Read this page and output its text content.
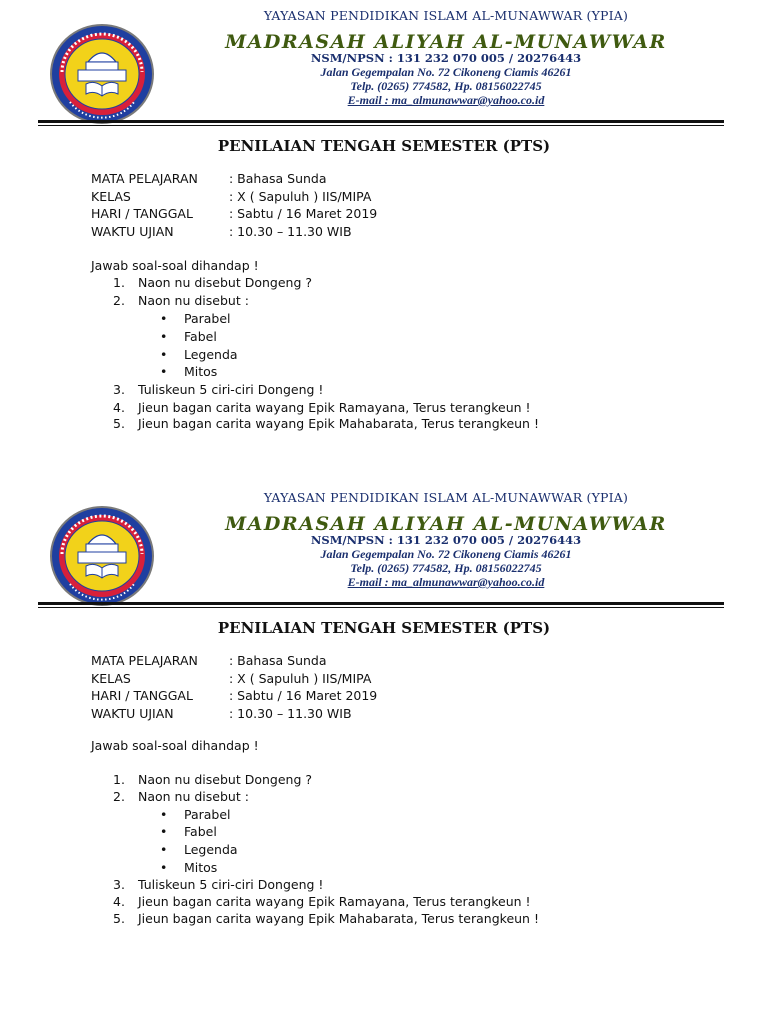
YAYASAN PENDIDIKAN ISLAM AL-MUNAWWAR (YPIA)
MADRASAH ALIYAH AL-MUNAWWAR
NSM/NPSN : 131 232 070 005 / 20276443
Jalan Gegempalan No. 72 Cikoneng Ciamis 46261
Telp. (0265) 774582, Hp. 08156022745
E-mail : ma_almunawwar@yahoo.co.id
PENILAIAN TENGAH SEMESTER (PTS)
MATA PELAJARAN : Bahasa Sunda
KELAS	: X ( Sapuluh ) IIS/MIPA
HARI / TANGGAL	: Sabtu / 16 Maret 2019
WAKTU UJIAN	: 10.30 – 11.30 WIB
Jawab soal-soal dihandap !
1. Naon nu disebut Dongeng ?
2. Naon nu disebut :
• Parabel
• Fabel
• Legenda
• Mitos
3. Tuliskeun 5 ciri-ciri Dongeng !
4. Jieun bagan carita wayang Epik Ramayana, Terus terangkeun !
5. Jieun bagan carita wayang Epik Mahabarata, Terus terangkeun !
YAYASAN PENDIDIKAN ISLAM AL-MUNAWWAR (YPIA)
MADRASAH ALIYAH AL-MUNAWWAR
NSM/NPSN : 131 232 070 005 / 20276443
Jalan Gegempalan No. 72 Cikoneng Ciamis 46261
Telp. (0265) 774582, Hp. 08156022745
E-mail : ma_almunawwar@yahoo.co.id
PENILAIAN TENGAH SEMESTER (PTS)
MATA PELAJARAN : Bahasa Sunda
KELAS	: X ( Sapuluh ) IIS/MIPA
HARI / TANGGAL	: Sabtu / 16 Maret 2019
WAKTU UJIAN	: 10.30 – 11.30 WIB
Jawab soal-soal dihandap !
1. Naon nu disebut Dongeng ?
2. Naon nu disebut :
• Parabel
• Fabel
• Legenda
• Mitos
3. Tuliskeun 5 ciri-ciri Dongeng !
4. Jieun bagan carita wayang Epik Ramayana, Terus terangkeun !
5. Jieun bagan carita wayang Epik Mahabarata, Terus terangkeun !
